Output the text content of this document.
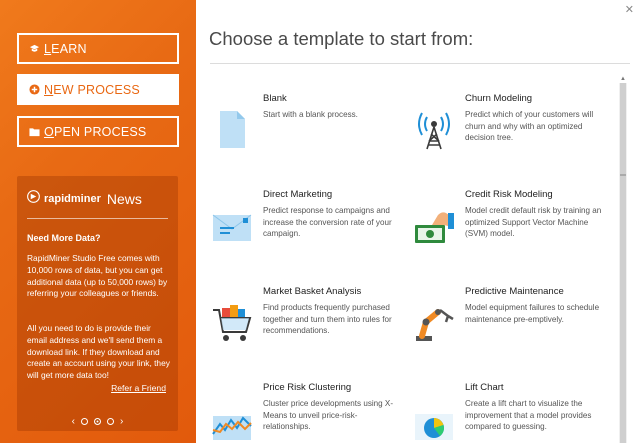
LEARN
NEW PROCESS
OPEN PROCESS
rapidminer News
Need More Data?
RapidMiner Studio Free comes with 10,000 rows of data, but you can get additional data (up to 50,000 rows) by referring your colleagues or friends.
All you need to do is provide their email address and we'll send them a download link. If they download and create an account using your link, they will get more data too!
Refer a Friend
‹	›
✕
Choose a template to start from:
▲
Blank
Start with a blank process.
Churn Modeling
Predict which of your customers will churn and why with an optimized decision tree.
Direct Marketing
Predict response to campaigns and increase the conversion rate of your campaign.
Credit Risk Modeling
Model credit default risk by training an optimized Support Vector Machine (SVM) model.
Market Basket Analysis
Find products frequently purchased together and turn them into rules for recommendations.
Predictive Maintenance
Model equipment failures to schedule maintenance pre-emptively.
Price Risk Clustering
Cluster price developments using X-Means to unveil price-risk-relationships.
Lift Chart
Create a lift chart to visualize the improvement that a model provides compared to guessing.
